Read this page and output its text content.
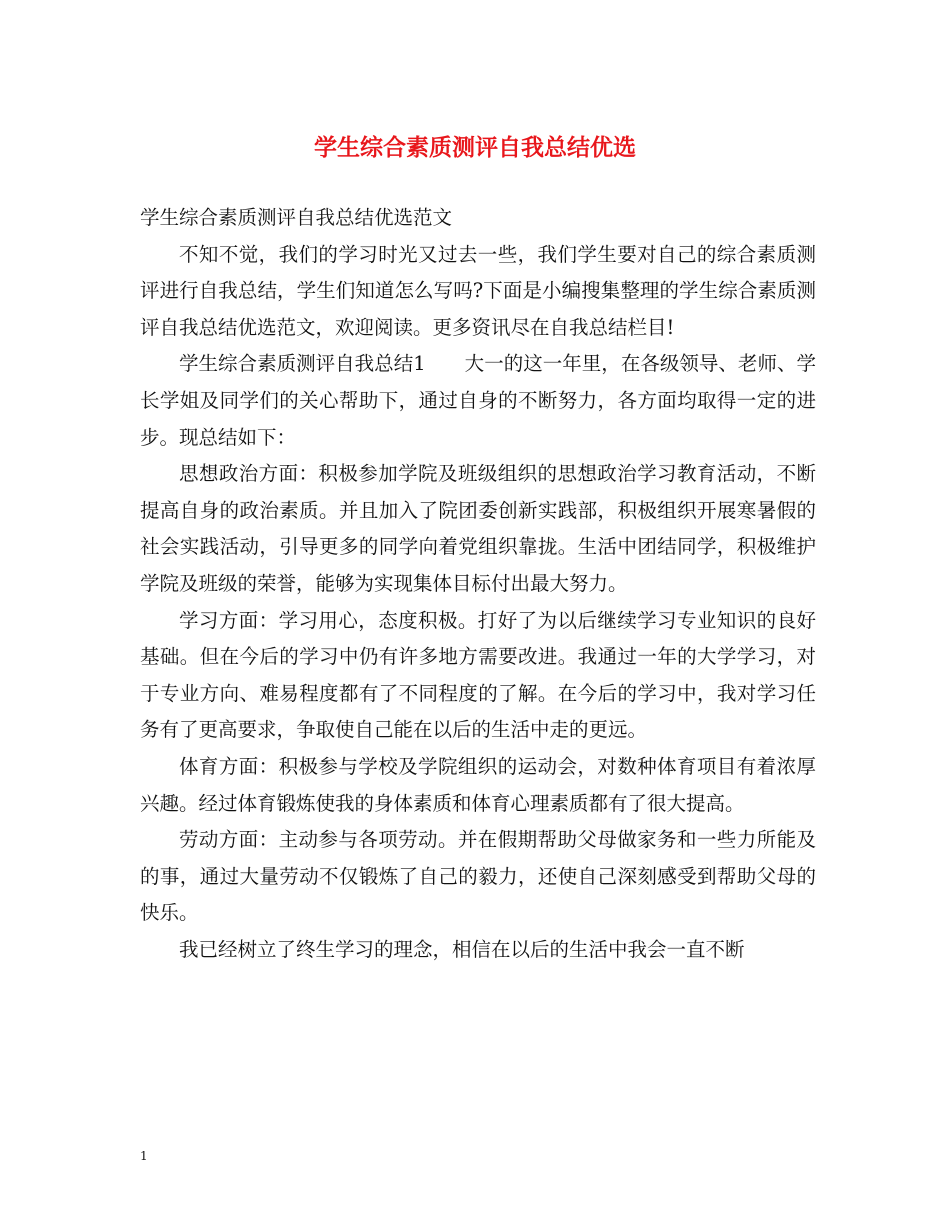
学生综合素质测评自我总结优选

学生综合素质测评自我总结优选范文

不知不觉，我们的学习时光又过去一些，我们学生要对自己的综合素质测评进行自我总结，学生们知道怎么写吗?下面是小编搜集整理的学生综合素质测评自我总结优选范文，欢迎阅读。更多资讯尽在自我总结栏目!

学生综合素质测评自我总结1　　大一的这一年里，在各级领导、老师、学长学姐及同学们的关心帮助下，通过自身的不断努力，各方面均取得一定的进步。现总结如下：

思想政治方面：积极参加学院及班级组织的思想政治学习教育活动，不断提高自身的政治素质。并且加入了院团委创新实践部，积极组织开展寒暑假的社会实践活动，引导更多的同学向着党组织靠拢。生活中团结同学，积极维护学院及班级的荣誉，能够为实现集体目标付出最大努力。

学习方面：学习用心，态度积极。打好了为以后继续学习专业知识的良好基础。但在今后的学习中仍有许多地方需要改进。我通过一年的大学学习，对于专业方向、难易程度都有了不同程度的了解。在今后的学习中，我对学习任务有了更高要求，争取使自己能在以后的生活中走的更远。

体育方面：积极参与学校及学院组织的运动会，对数种体育项目有着浓厚兴趣。经过体育锻炼使我的身体素质和体育心理素质都有了很大提高。

劳动方面：主动参与各项劳动。并在假期帮助父母做家务和一些力所能及的事，通过大量劳动不仅锻炼了自己的毅力，还使自己深刻感受到帮助父母的快乐。

我已经树立了终生学习的理念，相信在以后的生活中我会一直不断

1
